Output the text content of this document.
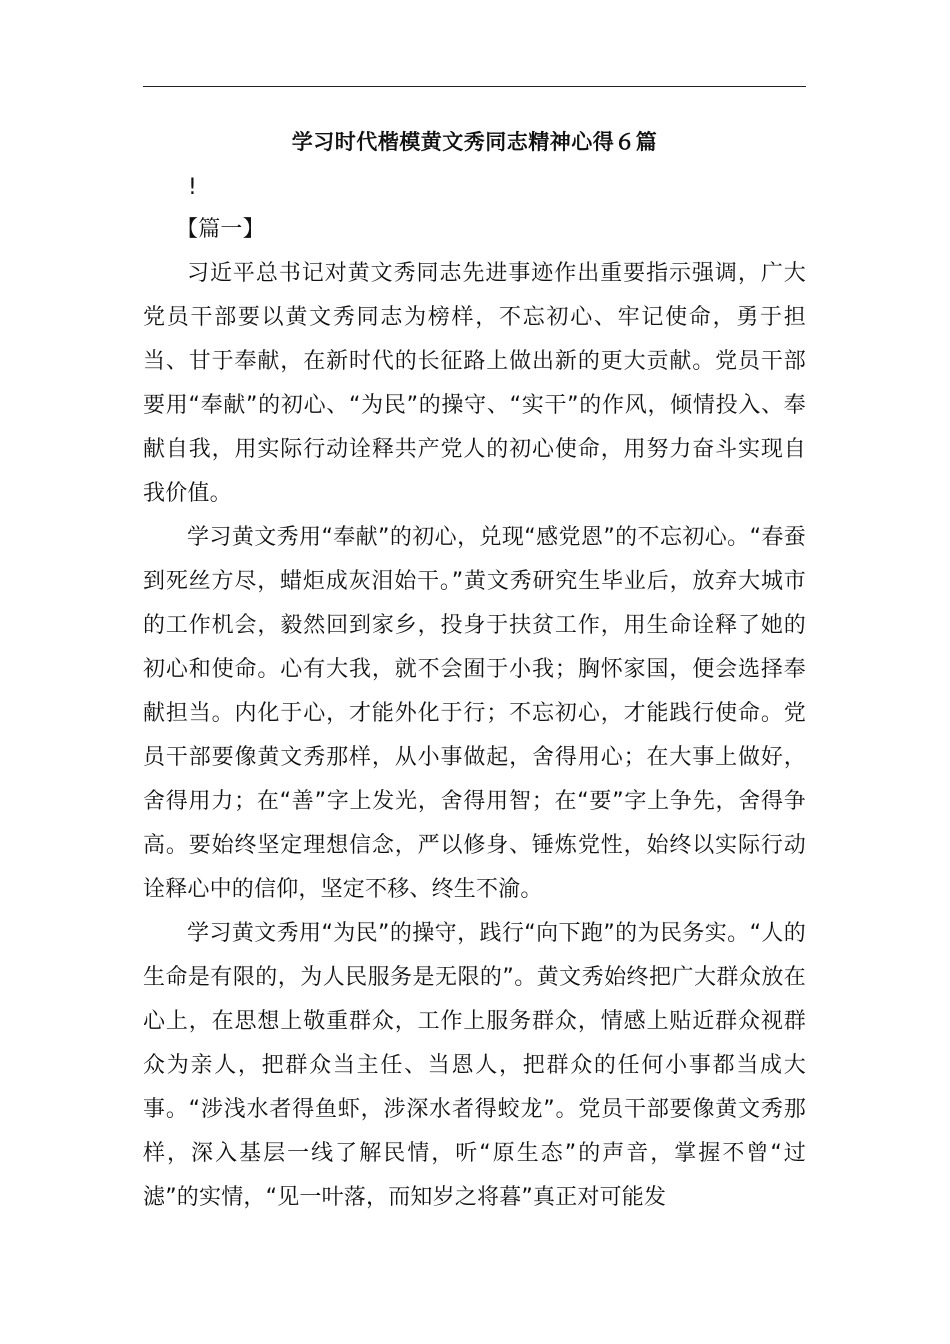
学习时代楷模黄文秀同志精神心得６篇
!

【篇一】

习近平总书记对黄文秀同志先进事迹作出重要指示强调，广大党员干部要以黄文秀同志为榜样，不忘初心、牢记使命，勇于担当、甘于奉献，在新时代的长征路上做出新的更大贡献。党员干部要用“奉献”的初心、“为民”的操守、“实干”的作风，倾情投入、奉献自我，用实际行动诠释共产党人的初心使命，用努力奋斗实现自我价值。

学习黄文秀用“奉献”的初心，兑现“感党恩”的不忘初心。“春蚕到死丝方尽，蜡炬成灰泪始干。”黄文秀研究生毕业后，放弃大城市的工作机会，毅然回到家乡，投身于扶贫工作，用生命诠释了她的初心和使命。心有大我，就不会囿于小我；胸怀家国，便会选择奉献担当。内化于心，才能外化于行；不忘初心，才能践行使命。党员干部要像黄文秀那样，从小事做起，舍得用心；在大事上做好，舍得用力；在“善”字上发光，舍得用智；在“要”字上争先，舍得争高。要始终坚定理想信念，严以修身、锤炼党性，始终以实际行动诠释心中的信仰，坚定不移、终生不渝。

学习黄文秀用“为民”的操守，践行“向下跑”的为民务实。“人的生命是有限的，为人民服务是无限的”。黄文秀始终把广大群众放在心上，在思想上敬重群众，工作上服务群众，情感上贴近群众视群众为亲人，把群众当主任、当恩人，把群众的任何小事都当成大事。“涉浅水者得鱼虾，涉深水者得蛟龙”。党员干部要像黄文秀那样，深入基层一线了解民情，听“原生态”的声音，掌握不曾“过滤”的实情，“见一叶落，而知岁之将暮”真正对可能发
